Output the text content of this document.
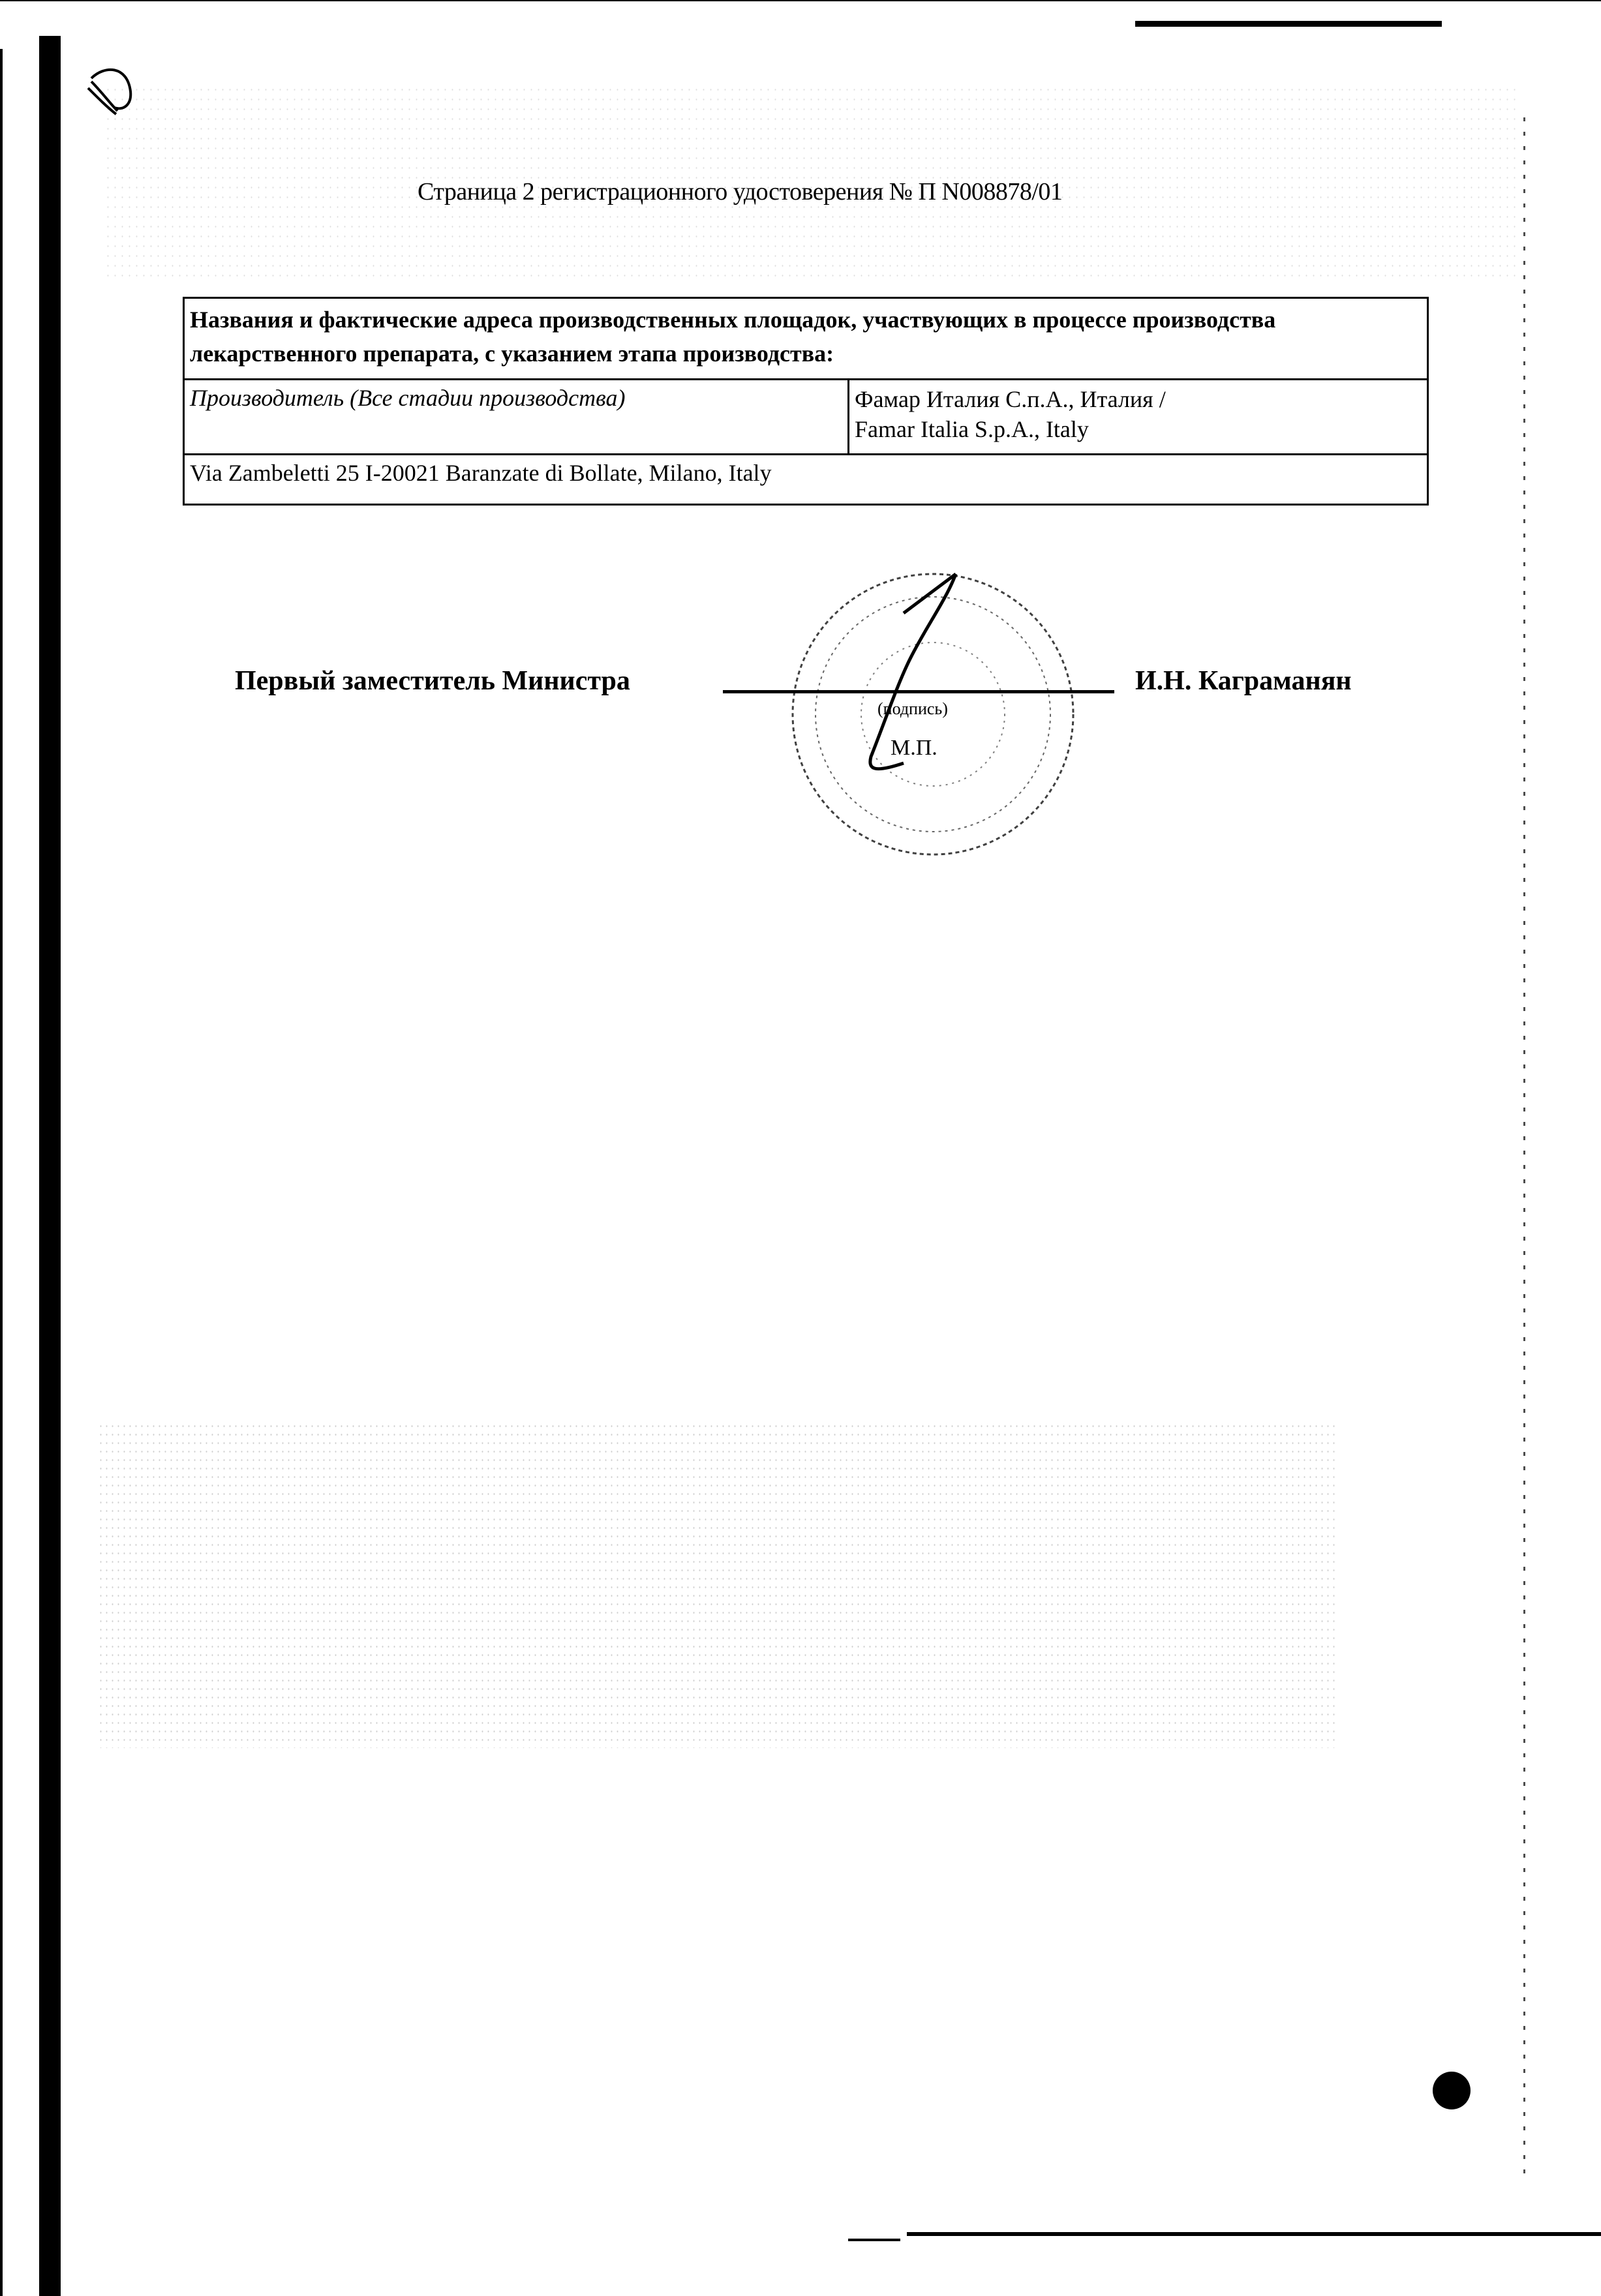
Страница 2 регистрационного удостоверения № П N008878/01
Названия и фактические адреса производственных площадок, участвующих в процессе производства лекарственного препарата, с указанием этапа производства:
Производитель (Все стадии производства)	Фамар Италия С.п.А., Италия /
Famar Italia S.p.A., Italy

Via Zambeletti 25 I-20021 Baranzate di Bollate, Milano, Italy
Первый заместитель Министра
(подпись)
М.П.
И.Н. Каграманян
